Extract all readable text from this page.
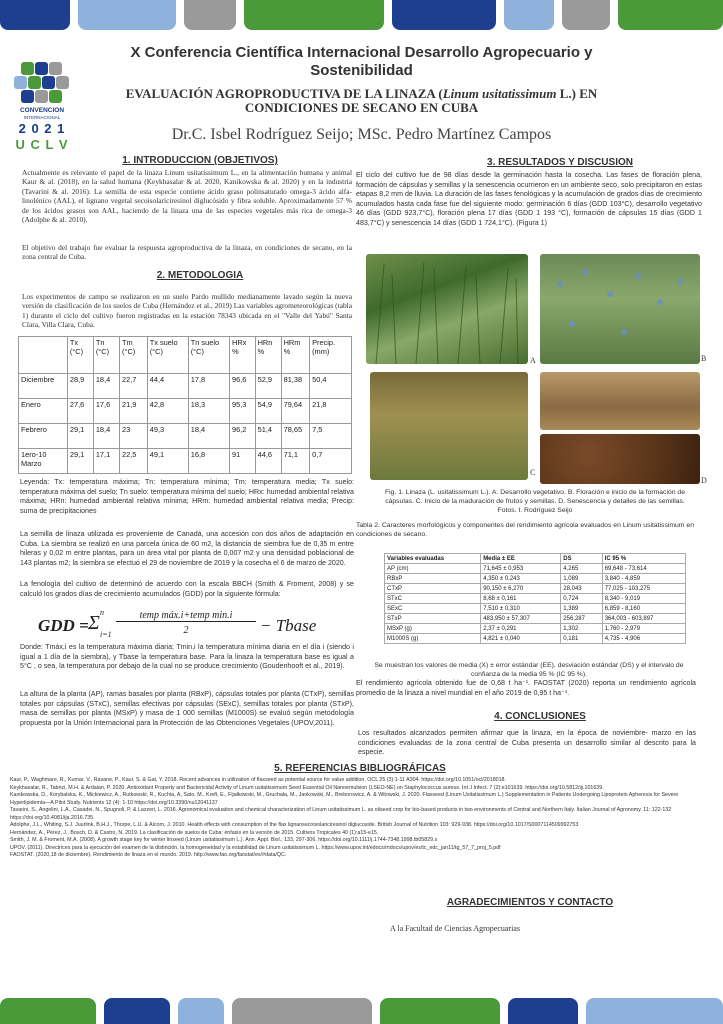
CONVENCION
INTERNACIONAL
2 0 2 1
U C L V
X Conferencia Científica Internacional Desarrollo Agropecuario y Sostenibilidad
EVALUACIÓN AGROPRODUCTIVA DE LA LINAZA (Linum usitatissimum L.) EN CONDICIONES DE SECANO EN CUBA
Dr.C. Isbel Rodríguez Seijo; MSc. Pedro Martínez Campos
1. INTRODUCCION (OBJETIVOS)
Actualmente es relevante el papel de la linaza Linum usitatissimum L., en la alimentación humana y animal Kaur & al. (2018), en la salud humana (Keykhasalar & al. 2020, Kanikowska & al. 2020) y en la industria (Tavarini & al. 2016). La semilla de esta especie contiene ácido graso polinsaturado omega-3 ácido alfa-linolénico (AAL), el lignano vegetal secoisolariciresinol diglucósido y fibra soluble. Aproximadamente 57 % de los ácidos grasos son AAL, haciendo de la linaza una de las especies vegetales más rica de omega-3 (Adolphe & al. 2010).
El objetivo del trabajo fue evaluar la respuesta agroproductiva de la linaza, en condiciones de secano, en la zona central de Cuba.
2. METODOLOGIA
Los experimentos de campo se realizaron en un suelo Pardo mullido medianamente lavado según la nueva versión de clasificación de los suelos de Cuba (Hernández et al., 2019) Las variables agrometeorológicas (tabla 1) durante el ciclo del cultivo fueron registradas en la estación 78343 ubicada en el "Valle del Yabú" Santa Clara, Villa Clara, Cuba.
	Tx (°C)	Tn (°C)	Tm (°C)	Tx suelo (°C)	Tn suelo (°C)	HRx %	HRn %	HRm %	Precip. (mm)
Diciembre	28,9	18,4	22,7	44,4	17,8	96,6	52,9	81,38	50,4
Enero	27,6	17,6	21,9	42,8	18,3	95,3	54,9	79,64	21,8
Febrero	29,1	18,4	23	49,3	18,4	96,2	51,4	78,65	7,5
1ero-10 Marzo	29,1	17,1	22,5	49,1	16,8	91	44,6	71,1	0,7
Leyenda: Tx: temperatura máxima; Tn: temperatura mínima; Tm: temperatura media; Tx suelo: temperatura máxima del suelo; Tn suelo: temperatura mínima del suelo; HRx: humedad ambiental relativa máxima; HRn: humedad ambiental relativa mínima; HRm: humedad ambiental relativa media; Precip: suma de precipitaciones
La semilla de linaza utilizada es proveniente de Canadá, una accesión con dos años de adaptación en Cuba. La siembra se realizó en una parcela única de 60 m2, la distancia de siembra fue de 0,35 m entre hileras y 0,02 m entre plantas, para un área vital por planta de 0,007 m2 y una densidad poblacional de 143 plantas m2; la siembra se efectuó el 29 de noviembre de 2019 y la cosecha el 6 de marzo de 2020.
La fenología del cultivo de determinó de acuerdo con la escala BBCH (Smith & Froment, 2008) y se calculó los grados días de crecimiento acumulados (GDD) por la siguiente fórmula:
GDD = Σ n
i=1
temp máx.i+temp min.i
2	− Tbase
Donde: Tmáx,i es la temperatura máxima diaria; Tmin,i la temperatura mínima diaria en el día i (siendo i igual a 1 día de la siembra), y Tbase la temperatura base. Para la linaza la temperatura base es igual a 5°C , o sea, la temperatura por debajo de la cual no se produce crecimiento (Goudenhooft et al., 2019).
La altura de la planta (AP), ramas basales por planta (RBxP), cápsulas totales por planta (CTxP), semillas totales por cápsulas (STxC), semillas efectivas por cápsulas (SExC), semillas totales por planta (STxP), masa de semillas por planta (MSxP) y masa de 1 000 semillas (M1000S) se evaluó según metodología propuesta por la Unión Internacional para la Protección de las Obtenciones Vegetales (UPOV,2011).
3. RESULTADOS Y DISCUSION
El ciclo del cultivo fue de 98 días desde la germinación hasta la cosecha. Las fases de floración plena, formación de cápsulas y semillas y la senescencia ocurrieron en un ambiente seco, solo precipitaron en estas etapas 8,2 mm de lluvia. La duración de las fases fenológicas y la acumulación de grados días de crecimiento acumulados hasta cada fase fue del siguiente modo: germinación 6 días (GDD 103°C), desarrollo vegetativo 46 días (GDD 923,7°C), floración plena 17 días (GDD 1 193 °C), formación de cápsulas 15 días (GDD 1 483,7°C) y senescencia 14 días (GDD 1 724,1°C). (Figura 1)
A	B
C
D
Fig. 1. Linaza (L. usitatissimum L.). A. Desarrollo vegetativo. B. Floración e inicio de la formación de cápsulas. C. Inicio de la maduración de frutos y semillas. D. Senescencia y detalles de las semillas. Fotos. I. Rodríguez Seijo
Tabla 2. Caracteres morfológicos y componentes del rendimiento agrícola evaluados en Linum usitatissimum en condiciones de secano.
Variables evaluadas	Media ± EE	DS	IC 95 %
AP (cm)	71,645 ± 0,953	4,265	69,648 - 73,614
RBxP	4,350 ± 0,243	1,089	3,840 - 4,859
CTxP	90,150 ± 6,270	28,043	77,025 - 103,275
STxC	8,68 ± 0,161	0,724	8,340 - 9,019
SExC	7,510 ± 0,310	1,389	6,859 - 8,160
STxP	483,950 ± 57,307	256,287	364,003 - 603,897
MSxP (g)	2,37 ± 0,291	1,302	1,760 - 2,979
M1000S (g)	4,821 ± 0,040	0,181	4,735 - 4,906
Se muestran los valores de media (X) ± error estándar (EE), desviación estándar (DS) y el intervalo de confianza de la media 95 % (IC 95 %).
El rendimiento agrícola obtenido fue de 0,68 t ha⁻¹. FAOSTAT (2020) reporta un rendimiento agrícola promedio de la linaza a nivel mundial en el año 2019 de 0,95 t ha⁻¹.
4. CONCLUSIONES
Los resultados alcanzados permiten afirmar que la linaza, en la época de noviembre- marzo en las condiciones evaluadas de la zona central de Cuba presenta un desarrollo similar al descrito para la especie.
5. REFERENCIAS BIBLIOGRÁFICAS
Kaur, P., Waghmare, R., Kumar, V., Rasane, P., Kaur, S. & Gat, Y. 2018. Recent advances in utilization of flaxseed as potential source for value addition. OCL 25 (3):1-11 A304. https://doi.org/10.1051/ocl/2018018.
Keykhasalar, R., Tabrizi, M.H. & Ardalan, P. 2020. Antioxidant Property and Bactericidal Activity of Linum usitatissimum Seed Essential Oil Nanoemulsion (LSEO-NE) on Staphylococcus aureus. Int J Infect. 7 (2):e101639. https://doi.org/10.5812/iji.101639.
Kanikowska, D., Korybalska, K., Mickiewicz, A., Rutkowski, R., Kuchta, A, Sato, M., Kreft, E., Fijałkowski, M., Gruchała, M., Jankowski, M., Breborowicz, A. & Witowski, J. 2020. Flaxseed (Linum Usitatissimum L.) Supplementation in Patients Undergoing Lipoprotein Apheresis for Severe Hyperlipidemia—A Pilot Study. Nutrients 12 (4): 1-10 https://doi.org/10.3390/nu12041137
Tavarini, S., Angelini, L.A., Casadei, N., Spugnoli, P. & Lazzeri, L. 2016. Agronomical evaluation and chemical characterization of Linum usitatissimum L. as oilseed crop for bio-based products in two environments of Central and Northern Italy. Italian Journal of Agronomy. 11: 122-132 https://doi.org/10.4081/ija.2016.735.
Adolphe, J.L., Whiting, S.J. Juurlink, B.H.J., Thorpe, L.U. & Alcorn, J. 2010. Health effects with consumption of the flax lignansecoisolariciresinol diglucoside. British Journal of Nutrition 103: 929-938. https://doi.org/10.1017/S0007114509992753
Hernández, A., Pérez, J., Bosch, D. & Castro, N. 2019. La clasificación de suelos de Cuba: énfasis en la versión de 2015. Cultivos Tropicales 40 (1):a15-e15.
Smith, J. M. & Froment, M.A. (2008). A growth stage key for winter linseed (Linum usitatissimum L.). Ann. Appl. Biol., 133, 297-306. https://doi.org/10.1111/j.1744-7348.1998.tb05829.x
UPOV. (2011). Directrices para la ejecución del examen de la distinción, la homogeneidad y la estabilidad de Linum usitatissimum L. https://www.upov.int/edocs/mdocs/upov/es/tc_edc_jan11/tg_57_7_proj_5.pdf
FAOSTAT. (2020,18 de diciembre). Rendimiento de linaza en el mundo. 2019. http://www.fao.org/faostat/es/#data/QC.
AGRADECIMIENTOS Y CONTACTO
A la Facultad de Ciencias Agropecuarias
